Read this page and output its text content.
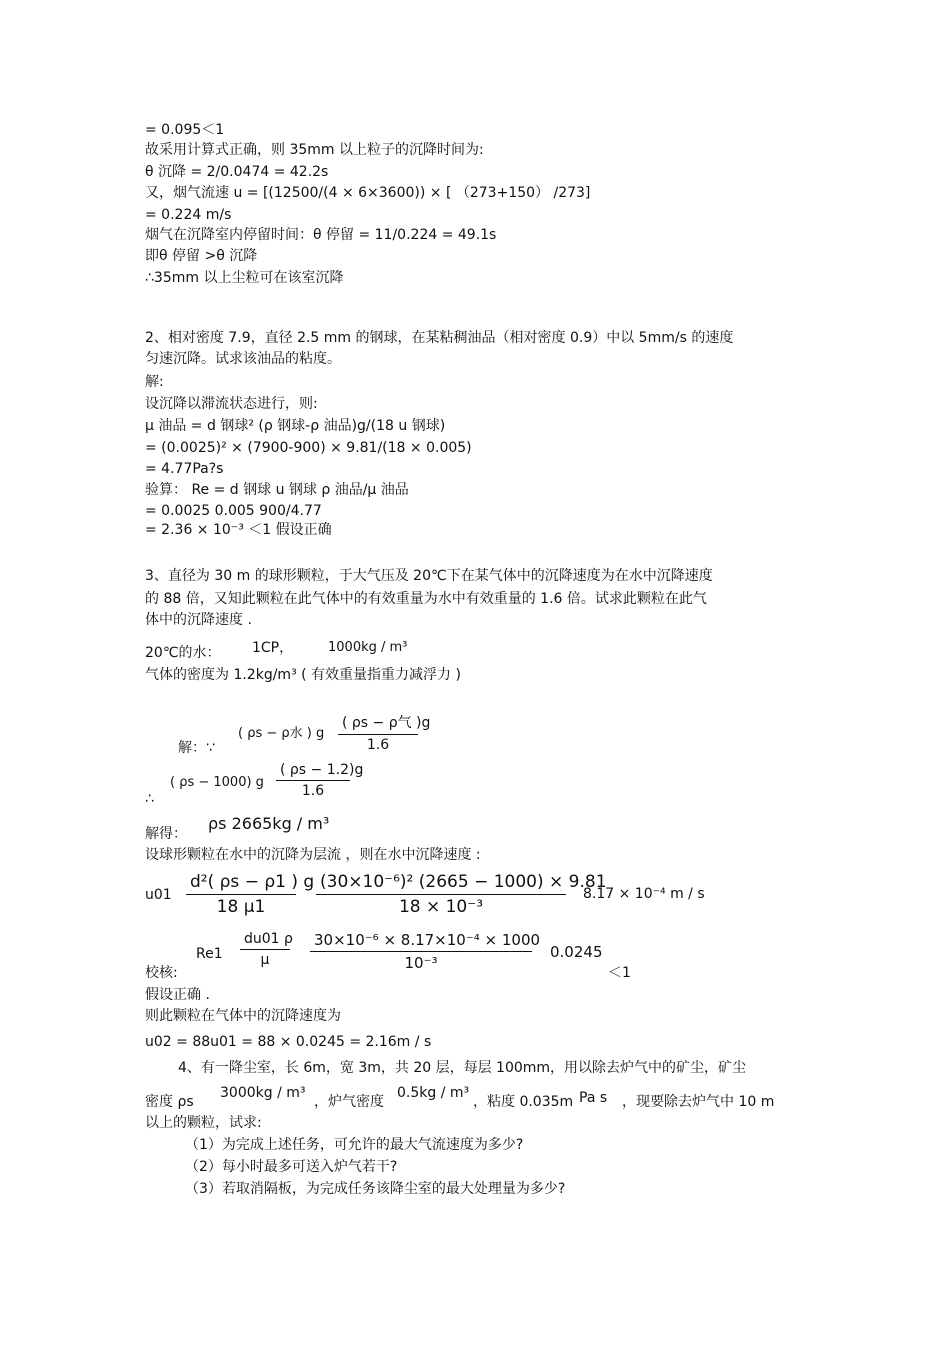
= 0.095＜1
故采用计算式正确，则 35mm 以上粒子的沉降时间为:
θ 沉降 = 2/0.0474 = 42.2s
又，烟气流速 u = [(12500/(4 × 6×3600)) × [ （273+150） /273]
= 0.224 m/s
烟气在沉降室内停留时间：θ 停留 = 11/0.224 = 49.1s
即θ 停留 >θ 沉降
∴35mm 以上尘粒可在该室沉降
2、相对密度 7.9，直径 2.5 mm 的钢球，在某粘稠油品（相对密度 0.9）中以 5mm/s 的速度
匀速沉降。试求该油品的粘度。
解:
设沉降以滞流状态进行，则:
μ 油品 = d 钢球² (ρ 钢球-ρ 油品)g/(18 u 钢球)
= (0.0025)² × (7900-900) × 9.81/(18 × 0.005)
= 4.77Pa?s
验算： Re = d 钢球 u 钢球 ρ 油品/μ 油品
= 0.0025 0.005 900/4.77
= 2.36 × 10⁻³ ＜1 假设正确
3、直径为 30 m 的球形颗粒，于大气压及 20℃下在某气体中的沉降速度为在水中沉降速度
的 88 倍，又知此颗粒在此气体中的有效重量为水中有效重量的 1.6 倍。试求此颗粒在此气
体中的沉降速度 .
20℃的水： 1CP，	1000kg / m³
气体的密度为 1.2kg/m³ ( 有效重量指重力减浮力 )
解：∵
( ρs − ρ水 ) g
( ρs − ρ气 )g
1.6
∴
( ρs − 1000) g $\frac{( \rho s - 1.2)g}{1.6}$
解得：
ρs 2665kg / m³
设球形颗粒在水中的沉降为层流 ，则在水中沉降速度 :
$u01 \frac{\text{d²( ρs − ρ1 ) g}}{18 \mu 1} \frac{\text{(30×10⁻⁶)² (2665 − 1000) × 9.81}}{\text{18 × 10⁻³}} 8.17 \times 10^{-4}$ m / s
$Re1 \frac{du01 \rho}{\mu} \frac{\text{30×10⁻⁶ × 8.17×10⁻⁴ × 1000}}{\text{10⁻³}} 0.0245$
校核:	＜1
假设正确 .
则此颗粒在气体中的沉降速度为
u02 = 88u01 = 88 × 0.0245 = 2.16m / s
4、有一降尘室，长 6m，宽 3m，共 20 层，每层 100mm，用以除去炉气中的矿尘，矿尘
密度 ρs
3000kg / m³
，炉气密度
0.5kg / m³
，粘度 0.035m Pa s ，现要除去炉气中 10 m
以上的颗粒，试求:
（1）为完成上述任务，可允许的最大气流速度为多少?
（2）每小时最多可送入炉气若干?
（3）若取消隔板，为完成任务该降尘室的最大处理量为多少?
